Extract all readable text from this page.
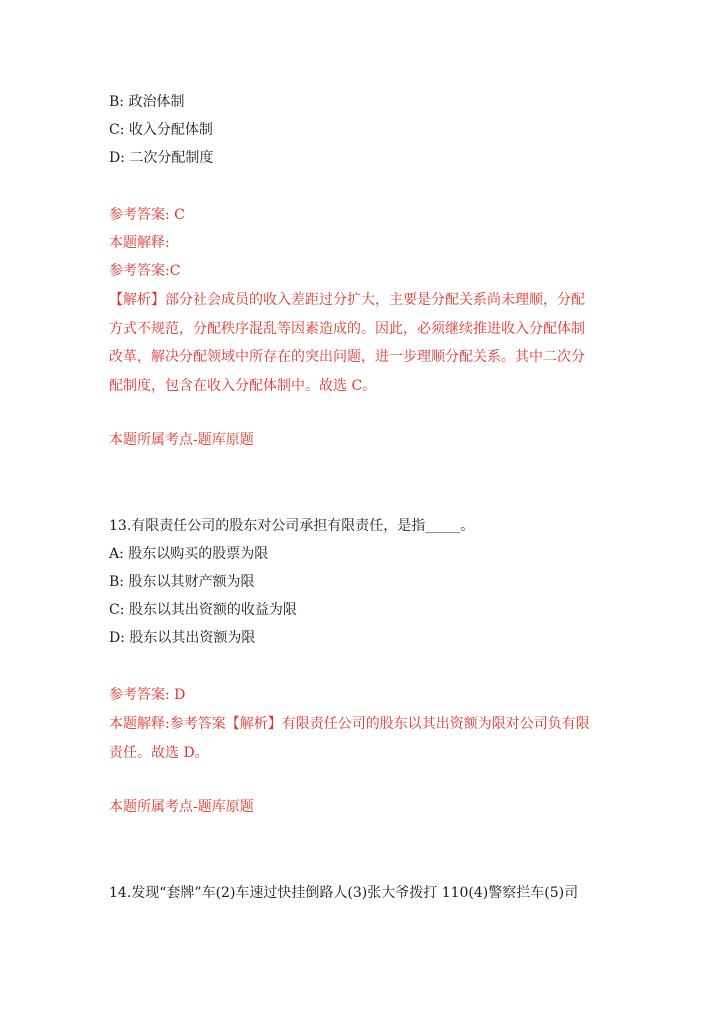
B: 政治体制
C: 收入分配体制
D: 二次分配制度
参考答案: C
本题解释:
参考答案:C
【解析】部分社会成员的收入差距过分扩大，主要是分配关系尚未理顺，分配
方式不规范，分配秩序混乱等因素造成的。因此，必须继续推进收入分配体制
改革，解决分配领域中所存在的突出问题，进一步理顺分配关系。其中二次分
配制度，包含在收入分配体制中。故选 C。
本题所属考点-题库原题
13.有限责任公司的股东对公司承担有限责任，是指_____。
A: 股东以购买的股票为限
B: 股东以其财产额为限
C: 股东以其出资额的收益为限
D: 股东以其出资额为限
参考答案: D
本题解释:参考答案【解析】有限责任公司的股东以其出资额为限对公司负有限
责任。故选 D。
本题所属考点-题库原题
14.发现“套牌”车(2)车速过快挂倒路人(3)张大爷拨打 110(4)警察拦车(5)司
